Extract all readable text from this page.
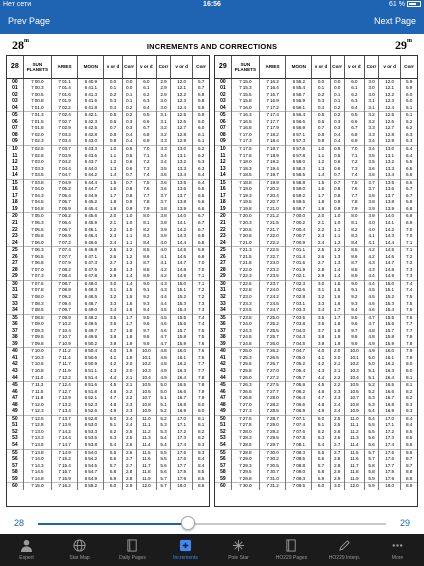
Нет сети	16:56	61 %
Prev Page	Next Page
28$^m$
INCREMENTS AND CORRECTIONS	29$^m$
28	SUN PLANETS	ARIES	MOON	v or d	Corr	v or d	Corr	v or d	Corr
00	7 00.0	7 01.1	6 40.9	0.0	0.0	6.0	2.9	12.0	5.7
01	7 00.3	7 01.4	6 41.1	0.1	0.0	6.1	2.9	12.1	5.7
02	7 00.5	7 01.6	6 41.3	0.2	0.1	6.2	2.9	12.2	5.8
03	7 00.8	7 01.9	6 41.6	0.3	0.1	6.3	3.0	12.3	5.8
04	7 01.0	7 02.2	6 41.8	0.4	0.2	6.4	3.0	12.4	5.9
05	7 01.3	7 02.4	6 42.1	0.5	0.2	6.5	3.1	12.5	5.9
06	7 01.5	7 02.7	6 42.3	0.6	0.3	6.6	3.1	12.6	6.0
07	7 01.8	7 02.9	6 42.5	0.7	0.3	6.7	3.2	12.7	6.0
08	7 02.0	7 03.2	6 42.8	0.8	0.4	6.8	3.2	12.8	6.1
09	7 02.3	7 03.4	6 43.0	0.9	0.4	6.9	3.3	12.9	6.1
10	7 02.5	7 03.7	6 43.3	1.0	0.5	7.0	3.3	13.0	6.2
11	7 02.8	7 03.9	6 43.5	1.1	0.5	7.1	3.4	13.1	6.2
12	7 03.0	7 04.2	6 43.7	1.2	0.6	7.2	3.4	13.2	6.3
13	7 03.3	7 04.4	6 44.0	1.3	0.6	7.3	3.5	13.3	6.3
14	7 03.5	7 04.7	6 44.2	1.4	0.7	7.4	3.5	13.4	6.4
15	7 03.8	7 04.9	6 44.4	1.5	0.7	7.5	3.6	13.5	6.4
16	7 04.0	7 05.2	6 44.7	1.6	0.8	7.6	3.6	13.6	6.5
17	7 04.3	7 05.4	6 44.9	1.7	0.8	7.7	3.7	13.7	6.5
18	7 04.5	7 05.7	6 45.2	1.8	0.9	7.8	3.7	13.8	6.6
19	7 04.8	7 05.9	6 45.4	1.9	0.9	7.9	3.8	13.9	6.6
20	7 05.0	7 06.2	6 45.6	2.0	1.0	8.0	3.8	14.0	6.7
21	7 05.3	7 06.4	6 45.9	2.1	1.0	8.1	3.8	14.1	6.7
22	7 05.5	7 06.7	6 46.1	2.2	1.0	8.2	3.9	14.2	6.7
23	7 05.8	7 06.9	6 46.4	2.3	1.1	8.3	3.9	14.3	6.8
24	7 06.0	7 07.2	6 46.6	2.4	1.1	8.4	4.0	14.4	6.8
25	7 06.3	7 07.4	6 46.8	2.5	1.2	8.5	4.0	14.5	6.9
26	7 06.5	7 07.7	6 47.1	2.6	1.2	8.6	4.1	14.6	6.9
27	7 06.8	7 07.9	6 47.3	2.7	1.3	8.7	4.1	14.7	7.0
28	7 07.0	7 08.2	6 47.5	2.8	1.3	8.8	4.2	14.8	7.0
29	7 07.3	7 08.4	6 47.8	2.9	1.4	8.9	4.2	14.9	7.1
30	7 07.5	7 08.7	6 48.0	3.0	1.4	9.0	4.3	15.0	7.1
31	7 07.8	7 08.9	6 48.3	3.1	1.5	9.1	4.3	15.1	7.2
32	7 08.0	7 09.2	6 48.5	3.2	1.5	9.2	4.4	15.2	7.2
33	7 08.3	7 09.4	6 48.7	3.3	1.6	9.3	4.4	15.3	7.3
34	7 08.5	7 09.7	6 49.0	3.4	1.6	9.4	4.5	15.4	7.3
35	7 08.8	7 09.9	6 49.2	3.5	1.7	9.5	4.5	15.5	7.4
36	7 09.0	7 10.2	6 49.5	3.6	1.7	9.6	4.6	15.6	7.4
37	7 09.3	7 10.4	6 49.7	3.7	1.8	9.7	4.6	15.7	7.5
38	7 09.5	7 10.7	6 49.9	3.8	1.8	9.8	4.7	15.8	7.5
39	7 09.8	7 10.9	6 50.2	3.9	1.9	9.9	4.7	15.9	7.6
40	7 10.0	7 11.2	6 50.4	4.0	1.9	10.0	4.8	16.0	7.6
41	7 10.3	7 11.4	6 50.6	4.1	1.9	10.1	4.8	16.1	7.6
42	7 10.5	7 11.7	6 50.9	4.2	2.0	10.2	4.8	16.2	7.7
43	7 10.8	7 11.9	6 51.1	4.3	2.0	10.3	4.9	16.3	7.7
44	7 11.0	7 12.2	6 51.4	4.4	2.1	10.4	4.9	16.4	7.8
45	7 11.3	7 12.4	6 51.6	4.5	2.1	10.5	5.0	16.5	7.8
46	7 11.5	7 12.7	6 51.8	4.6	2.2	10.6	5.0	16.6	7.9
47	7 11.8	7 12.9	6 52.1	4.7	2.2	10.7	5.1	16.7	7.9
48	7 12.0	7 13.2	6 52.3	4.8	2.3	10.8	5.1	16.8	8.0
49	7 12.3	7 13.4	6 52.6	4.9	2.3	10.9	5.2	16.9	8.0
50	7 12.5	7 13.7	6 52.8	5.0	2.4	11.0	5.2	17.0	8.1
51	7 12.8	7 13.9	6 53.0	5.1	2.4	11.1	5.3	17.1	8.1
52	7 13.0	7 14.2	6 53.3	5.2	2.5	11.2	5.3	17.2	8.2
53	7 13.3	7 14.4	6 53.5	5.3	2.5	11.3	5.4	17.3	8.2
54	7 13.5	7 14.7	6 53.8	5.4	2.6	11.4	5.4	17.4	8.3
55	7 13.8	7 14.9	6 54.0	5.5	2.6	11.5	5.5	17.5	8.3
56	7 14.0	7 15.2	6 54.2	5.6	2.7	11.6	5.5	17.6	8.4
57	7 14.3	7 15.4	6 54.5	5.7	2.7	11.7	5.6	17.7	8.4
58	7 14.5	7 15.7	6 54.7	5.8	2.8	11.8	5.6	17.8	8.5
59	7 14.8	7 15.9	6 54.9	5.9	2.8	11.9	5.7	17.9	8.5
60	7 15.0	7 16.2	6 55.2	6.0	2.9	12.0	5.7	18.0	8.6
29	SUN PLANETS	ARIES	MOON	v or d	Corr	v or d	Corr	v or d	Corr
00	7 15.0	7 16.2	6 55.2	0.0	0.0	6.0	3.0	12.0	5.9
01	7 15.3	7 16.4	6 55.4	0.1	0.0	6.1	3.0	12.1	5.9
02	7 15.5	7 16.7	6 55.7	0.2	0.1	6.2	3.0	12.2	6.0
03	7 15.8	7 16.9	6 55.9	0.3	0.1	6.3	3.1	12.3	6.0
04	7 16.0	7 17.2	6 56.1	0.4	0.2	6.4	3.1	12.4	6.1
05	7 16.3	7 17.4	6 56.4	0.5	0.2	6.5	3.2	12.5	6.1
06	7 16.5	7 17.7	6 56.6	0.6	0.3	6.6	3.2	12.6	6.2
07	7 16.8	7 17.9	6 56.9	0.7	0.3	6.7	3.3	12.7	6.2
08	7 17.0	7 18.2	6 57.1	0.8	0.4	6.8	3.3	12.8	6.3
09	7 17.3	7 18.4	6 57.3	0.9	0.4	6.9	3.4	12.9	6.3
10	7 17.5	7 18.7	6 57.6	1.0	0.5	7.0	3.4	13.0	6.4
11	7 17.8	7 18.9	6 57.8	1.1	0.5	7.1	3.5	13.1	6.4
12	7 18.0	7 19.2	6 58.0	1.2	0.6	7.2	3.5	13.2	6.5
13	7 18.3	7 19.4	6 58.3	1.3	0.6	7.3	3.6	13.3	6.5
14	7 18.5	7 19.7	6 58.5	1.4	0.7	7.4	3.6	13.4	6.6
15	7 18.8	7 19.9	6 58.8	1.5	0.7	7.5	3.7	13.5	6.6
16	7 19.0	7 20.2	6 59.0	1.6	0.8	7.6	3.7	13.6	6.7
17	7 19.3	7 20.4	6 59.2	1.7	0.8	7.7	3.8	13.7	6.7
18	7 19.5	7 20.7	6 59.5	1.8	0.9	7.8	3.8	13.8	6.8
19	7 19.8	7 21.0	6 59.7	1.9	0.9	7.9	3.9	13.9	6.8
20	7 20.0	7 21.2	7 00.0	2.0	1.0	8.0	3.9	14.0	6.9
21	7 20.3	7 21.5	7 00.2	2.1	1.0	8.1	4.0	14.1	6.9
22	7 20.5	7 21.7	7 00.4	2.2	1.1	8.2	4.0	14.2	7.0
23	7 20.8	7 22.0	7 00.7	2.3	1.1	8.3	4.1	14.3	7.0
24	7 21.0	7 22.2	7 00.9	2.4	1.2	8.4	4.1	14.4	7.1
25	7 21.3	7 22.5	7 01.1	2.5	1.2	8.5	4.2	14.5	7.1
26	7 21.5	7 22.7	7 01.4	2.6	1.3	8.6	4.2	14.6	7.2
27	7 21.8	7 23.0	7 01.6	2.7	1.3	8.7	4.3	14.7	7.2
28	7 22.0	7 23.2	7 01.9	2.8	1.4	8.8	4.3	14.8	7.3
29	7 22.3	7 23.5	7 02.1	2.9	1.4	8.9	4.4	14.9	7.3
30	7 22.5	7 23.7	7 02.3	3.0	1.5	9.0	4.4	15.0	7.4
31	7 22.8	7 24.0	7 02.6	3.1	1.5	9.1	4.5	15.1	7.4
32	7 23.0	7 24.2	7 02.8	3.2	1.6	9.2	4.5	15.2	7.5
33	7 23.3	7 24.5	7 03.1	3.3	1.6	9.3	4.6	15.3	7.5
34	7 23.5	7 24.7	7 03.3	3.4	1.7	9.4	4.6	15.4	7.6
35	7 23.8	7 25.0	7 03.5	3.5	1.7	9.5	4.7	15.5	7.6
36	7 24.0	7 25.2	7 03.8	3.6	1.8	9.6	4.7	15.6	7.7
37	7 24.3	7 25.5	7 04.0	3.7	1.8	9.7	4.8	15.7	7.7
38	7 24.5	7 25.7	7 04.3	3.8	1.9	9.8	4.8	15.8	7.8
39	7 24.8	7 26.0	7 04.5	3.9	1.9	9.9	4.9	15.9	7.8
40	7 25.0	7 26.2	7 04.7	4.0	2.0	10.0	4.9	16.0	7.9
41	7 25.3	7 26.5	7 05.0	4.1	2.0	10.1	5.0	16.1	7.9
42	7 25.5	7 26.7	7 05.2	4.2	2.1	10.2	5.0	16.2	8.0
43	7 25.8	7 27.0	7 05.4	4.3	2.1	10.3	5.1	16.3	8.0
44	7 26.0	7 27.2	7 05.7	4.4	2.2	10.4	5.1	16.4	8.1
45	7 26.3	7 27.5	7 05.9	4.5	2.2	10.5	5.2	16.5	8.1
46	7 26.5	7 27.7	7 06.2	4.6	2.3	10.6	5.2	16.6	8.2
47	7 26.8	7 28.0	7 06.4	4.7	2.3	10.7	5.3	16.7	8.2
48	7 27.0	7 28.2	7 06.6	4.8	2.4	10.8	5.3	16.8	8.3
49	7 27.3	7 28.5	7 06.9	4.9	2.4	10.9	5.4	16.9	8.3
50	7 27.5	7 28.7	7 07.1	5.0	2.5	11.0	5.4	17.0	8.4
51	7 27.8	7 29.0	7 07.4	5.1	2.5	11.1	5.5	17.1	8.4
52	7 28.0	7 29.2	7 07.6	5.2	2.6	11.2	5.5	17.2	8.5
53	7 28.3	7 29.5	7 07.8	5.3	2.6	11.3	5.6	17.3	8.5
54	7 28.5	7 29.7	7 08.1	5.4	2.7	11.4	5.6	17.4	8.6
55	7 28.8	7 30.0	7 08.3	5.5	2.7	11.5	5.7	17.5	8.6
56	7 29.0	7 30.2	7 08.5	5.6	2.8	11.6	5.7	17.6	8.7
57	7 29.3	7 30.5	7 08.8	5.7	2.8	11.7	5.8	17.7	8.7
58	7 29.5	7 30.7	7 09.0	5.8	2.9	11.8	5.8	17.8	8.8
59	7 29.8	7 31.0	7 09.3	5.9	2.9	11.9	5.9	17.9	8.8
60	7 30.0	7 31.2	7 09.5	6.0	3.0	12.0	5.9	18.0	8.9
28	29
Expert	Star Map	Daily Pages	Increments	Pole Star	HO229 Pages	HO229 Interp.	More
